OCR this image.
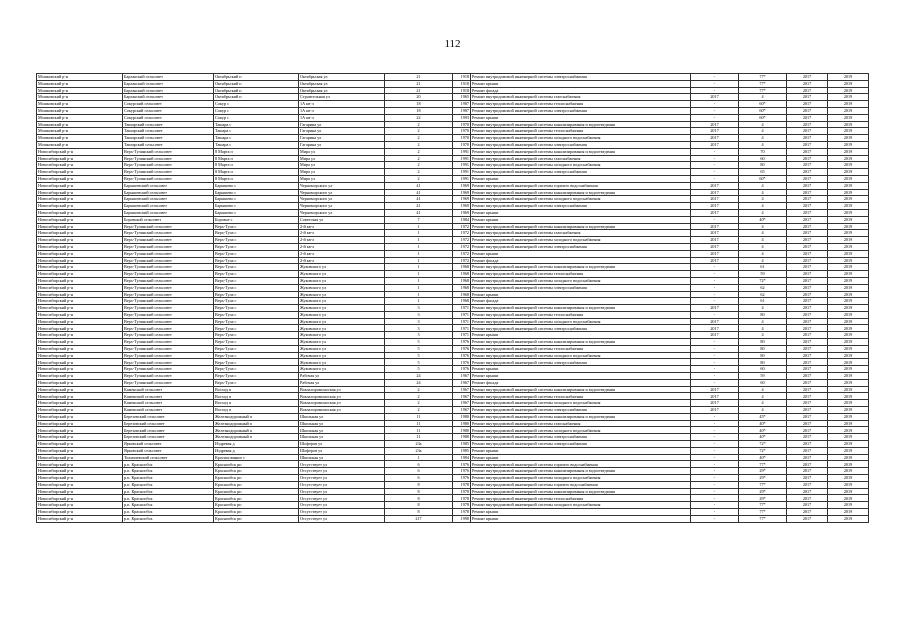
112
Мошковский р-н	Барлакский сельсовет	Октябрьский п	Октябрьская ул	21	1918	Ремонт внутридомовой инженерной системы электроснабжения	-	77*	2017	2019
Мошковский р-н	Барлакский сельсовет	Октябрьский п	Октябрьская ул	21	1918	Ремонт крыши	-	77*	2017	2019
Мошковский р-н	Барлакский сельсовет	Октябрьский п	Октябрьская ул	21	1918	Ремонт фасада	-	77*	2017	2019
Мошковский р-н	Барлакский сельсовет	Октябрьский п	Строительная ул	20	1965	Ремонт внутридомовой инженерной системы газоснабжения	2017	4	2017	2019
Мошковский р-н	Сокурский сельсовет	Сокур с	1А кв-л	18	1987	Ремонт внутридомовой инженерной системы теплоснабжения	-	60*	2017	2019
Мошковский р-н	Сокурский сельсовет	Сокур с	1А кв-л	18	1987	Ремонт внутридомовой инженерной системы электроснабжения	-	60*	2017	2019
Мошковский р-н	Сокурский сельсовет	Сокур с	1А кв-л	22	1993	Ремонт крыши	-	60*	2017	2019
Мошковский р-н	Таширский сельсовет	Ташара с	Гагарина ул	2	1970	Ремонт внутридомовой инженерной системы канализирования и водоотведения	2017	4	2017	2019
Мошковский р-н	Таширский сельсовет	Ташара с	Гагарина ул	2	1970	Ремонт внутридомовой инженерной системы теплоснабжения	2017	4	2017	2019
Мошковский р-н	Таширский сельсовет	Ташара с	Гагарина ул	2	1970	Ремонт внутридомовой инженерной системы холодного водоснабжения	2017	4	2017	2019
Мошковский р-н	Таширский сельсовет	Ташара с	Гагарина ул	2	1970	Ремонт внутридомовой инженерной системы электроснабжения	2017	4	2017	2019
Новосибирский р-н	Верх-Тулинский сельсовет	8 Марта п	Мира ул	2	1991	Ремонт внутридомовой инженерной системы канализирования и водоотведения	-	70	2017	2019
Новосибирский р-н	Верх-Тулинский сельсовет	8 Марта п	Мира ул	2	1991	Ремонт внутридомовой инженерной системы газоснабжения	-	60	2017	2019
Новосибирский р-н	Верх-Тулинский сельсовет	8 Марта п	Мира ул	2	1991	Ремонт внутридомовой инженерной системы холодного водоснабжения	-	80	2017	2019
Новосибирский р-н	Верх-Тулинский сельсовет	8 Марта п	Мира ул	2	1991	Ремонт внутридомовой инженерной системы электроснабжения	-	65	2017	2019
Новосибирский р-н	Верх-Тулинский сельсовет	8 Марта п	Мира ул	2	1991	Ремонт крыши	-	60*	2017	2019
Новосибирский р-н	Барышевский сельсовет	Барышево с	Черноморского ул	41	1969	Ремонт внутридомовой инженерной системы горячего водоснабжения	2017	4	2017	2019
Новосибирский р-н	Барышевский сельсовет	Барышево с	Черноморского ул	41	1969	Ремонт внутридомовой инженерной системы канализирования и водоотведения	2017	4	2017	2019
Новосибирский р-н	Барышевский сельсовет	Барышево с	Черноморского ул	41	1969	Ремонт внутридомовой инженерной системы холодного водоснабжения	2017	4	2017	2019
Новосибирский р-н	Барышевский сельсовет	Барышево с	Черноморского ул	41	1969	Ремонт внутридомовой инженерной системы электроснабжения	2017	4	2017	2019
Новосибирский р-н	Барышевский сельсовет	Барышево с	Черноморского ул	41	1969	Ремонт крыши	2017	4	2017	2019
Новосибирский р-н	Боровской сельсовет	Боровое с	Советская ул	7	1984	Ремонт крыши	-	40*	2017	2019
Новосибирский р-н	Верх-Тулинский сельсовет	Верх-Тула с	2-й кв-л	1	1972	Ремонт внутридомовой инженерной системы канализирования и водоотведения	2017	4	2017	2019
Новосибирский р-н	Верх-Тулинский сельсовет	Верх-Тула с	2-й кв-л	1	1972	Ремонт внутридомовой инженерной системы газоснабжения	2017	4	2017	2019
Новосибирский р-н	Верх-Тулинский сельсовет	Верх-Тула с	2-й кв-л	1	1972	Ремонт внутридомовой инженерной системы холодного водоснабжения	2017	4	2017	2019
Новосибирский р-н	Верх-Тулинский сельсовет	Верх-Тула с	2-й кв-л	1	1972	Ремонт внутридомовой инженерной системы электроснабжения	2017	4	2017	2019
Новосибирский р-н	Верх-Тулинский сельсовет	Верх-Тула с	2-й кв-л	1	1972	Ремонт крыши	2017	4	2017	2019
Новосибирский р-н	Верх-Тулинский сельсовет	Верх-Тула с	2-й кв-л	1	1972	Ремонт фасада	2017	4	2017	2019
Новосибирский р-н	Верх-Тулинский сельсовет	Верх-Тула с	Жуковского ул	1	1968	Ремонт внутридомовой инженерной системы канализирования и водоотведения	-	61	2017	2019
Новосибирский р-н	Верх-Тулинский сельсовет	Верх-Тула с	Жуковского ул	1	1968	Ремонт внутридомовой инженерной системы теплоснабжения	-	59	2017	2019
Новосибирский р-н	Верх-Тулинский сельсовет	Верх-Тула с	Жуковского ул	1	1968	Ремонт внутридомовой инженерной системы холодного водоснабжения	-	72*	2017	2019
Новосибирский р-н	Верх-Тулинский сельсовет	Верх-Тула с	Жуковского ул	1	1968	Ремонт внутридомовой инженерной системы электроснабжения	-	62	2017	2019
Новосибирский р-н	Верх-Тулинский сельсовет	Верх-Тула с	Жуковского ул	1	1968	Ремонт крыши	-	62	2017	2019
Новосибирский р-н	Верх-Тулинский сельсовет	Верх-Тула с	Жуковского ул	1	1968	Ремонт фасада	-	61	2017	2019
Новосибирский р-н	Верх-Тулинский сельсовет	Верх-Тула с	Жуковского ул	3	1971	Ремонт внутридомовой инженерной системы канализирования и водоотведения	2017	4	2017	2019
Новосибирский р-н	Верх-Тулинский сельсовет	Верх-Тула с	Жуковского ул	3	1971	Ремонт внутридомовой инженерной системы теплоснабжения	-	80	2017	2019
Новосибирский р-н	Верх-Тулинский сельсовет	Верх-Тула с	Жуковского ул	3	1971	Ремонт внутридомовой инженерной системы холодного водоснабжения	2017	4	2017	2019
Новосибирский р-н	Верх-Тулинский сельсовет	Верх-Тула с	Жуковского ул	3	1971	Ремонт внутридомовой инженерной системы электроснабжения	2017	4	2017	2019
Новосибирский р-н	Верх-Тулинский сельсовет	Верх-Тула с	Жуковского ул	3	1971	Ремонт крыши	2017	4	2017	2019
Новосибирский р-н	Верх-Тулинский сельсовет	Верх-Тула с	Жуковского ул	5	1976	Ремонт внутридомовой инженерной системы канализирования и водоотведения	-	80	2017	2019
Новосибирский р-н	Верх-Тулинский сельсовет	Верх-Тула с	Жуковского ул	5	1976	Ремонт внутридомовой инженерной системы теплоснабжения	-	80	2017	2019
Новосибирский р-н	Верх-Тулинский сельсовет	Верх-Тула с	Жуковского ул	5	1976	Ремонт внутридомовой инженерной системы холодного водоснабжения	-	80	2017	2019
Новосибирский р-н	Верх-Тулинский сельсовет	Верх-Тула с	Жуковского ул	5	1976	Ремонт внутридомовой инженерной системы электроснабжения	-	80	2017	2019
Новосибирский р-н	Верх-Тулинский сельсовет	Верх-Тула с	Жуковского ул	5	1976	Ремонт крыши	-	60	2017	2019
Новосибирский р-н	Верх-Тулинский сельсовет	Верх-Тула с	Рабочая ул	24	1967	Ремонт крыши	-	59	2017	2019
Новосибирский р-н	Верх-Тулинский сельсовет	Верх-Тула с	Рабочая ул	24	1967	Ремонт фасада	-	60	2017	2019
Новосибирский р-н	Каменский сельсовет	Восход п	Вокзалоромоноская ул	2	1967	Ремонт внутридомовой инженерной системы канализирования и водоотведения	2017	4	2017	2019
Новосибирский р-н	Каменский сельсовет	Восход п	Вокзалоромоноская ул	2	1967	Ремонт внутридомовой инженерной системы теплоснабжения	2017	4	2017	2019
Новосибирский р-н	Каменский сельсовет	Восход п	Вокзалоромоноская ул	2	1967	Ремонт внутридомовой инженерной системы холодного водоснабжения	2017	4	2017	2019
Новосибирский р-н	Каменский сельсовет	Восход п	Вокзалоромоноская ул	2	1967	Ремонт внутридомовой инженерной системы электроснабжения	2017	4	2017	2019
Новосибирский р-н	Березовский сельсовет	Железнодорожный п	Школьная ул	11	1980	Ремонт внутридомовой инженерной системы канализирования и водоотведения	-	45*	2017	2019
Новосибирский р-н	Березовский сельсовет	Железнодорожный п	Школьная ул	11	1980	Ремонт внутридомовой инженерной системы газоснабжения	-	40*	2017	2019
Новосибирский р-н	Березовский сельсовет	Железнодорожный п	Школьная ул	11	1980	Ремонт внутридомовой инженерной системы холодного водоснабжения	-	40*	2017	2019
Новосибирский р-н	Березовский сельсовет	Железнодорожный п	Школьная ул	11	1980	Ремонт внутридомовой инженерной системы электроснабжения	-	40*	2017	2019
Новосибирский р-н	Ярковский сельсовет	Издревая д	Шоферов ул	23а	1985	Ремонт внутридомовой инженерной системы электроснабжения	-	72*	2017	2019
Новосибирский р-н	Ярковский сельсовет	Издревая д	Шоферов ул	23а	1985	Ремонт крыши	-	72*	2017	2019
Новосибирский р-н	Толмачевский сельсовет	Красноглинное с	Школьная ул	1	1984	Ремонт крыши	-	40*	2017	2019
Новосибирский р-н	р.п. Краснообск	Краснообск рп	Отсутствует ул	6	1976	Ремонт внутридомовой инженерной системы горячего водоснабжения	-	77*	2017	2019
Новосибирский р-н	р.п. Краснообск	Краснообск рп	Отсутствует ул	6	1976	Ремонт внутридомовой инженерной системы канализирования и водоотведения	-	29*	2017	2019
Новосибирский р-н	р.п. Краснообск	Краснообск рп	Отсутствует ул	6	1976	Ремонт внутридомовой инженерной системы холодного водоснабжения	-	29*	2017	2019
Новосибирский р-н	р.п. Краснообск	Краснообск рп	Отсутствует ул	8	1978	Ремонт внутридомовой инженерной системы горячего водоснабжения	-	77*	2017	2019
Новосибирский р-н	р.п. Краснообск	Краснообск рп	Отсутствует ул	8	1978	Ремонт внутридомовой инженерной системы канализирования и водоотведения	-	29*	2017	2019
Новосибирский р-н	р.п. Краснообск	Краснообск рп	Отсутствует ул	8	1978	Ремонт внутридомовой инженерной системы теплоснабжения	-	29*	2017	2019
Новосибирский р-н	р.п. Краснообск	Краснообск рп	Отсутствует ул	8	1978	Ремонт внутридомовой инженерной системы холодного водоснабжения	-	77*	2017	2019
Новосибирский р-н	р.п. Краснообск	Краснообск рп	Отсутствует ул	8	1978	Ремонт крыши	-	77*	2017	2019
Новосибирский р-н	р.п. Краснообск	Краснообск рп	Отсутствует ул	217	1998	Ремонт крыши	-	77*	2017	2019
